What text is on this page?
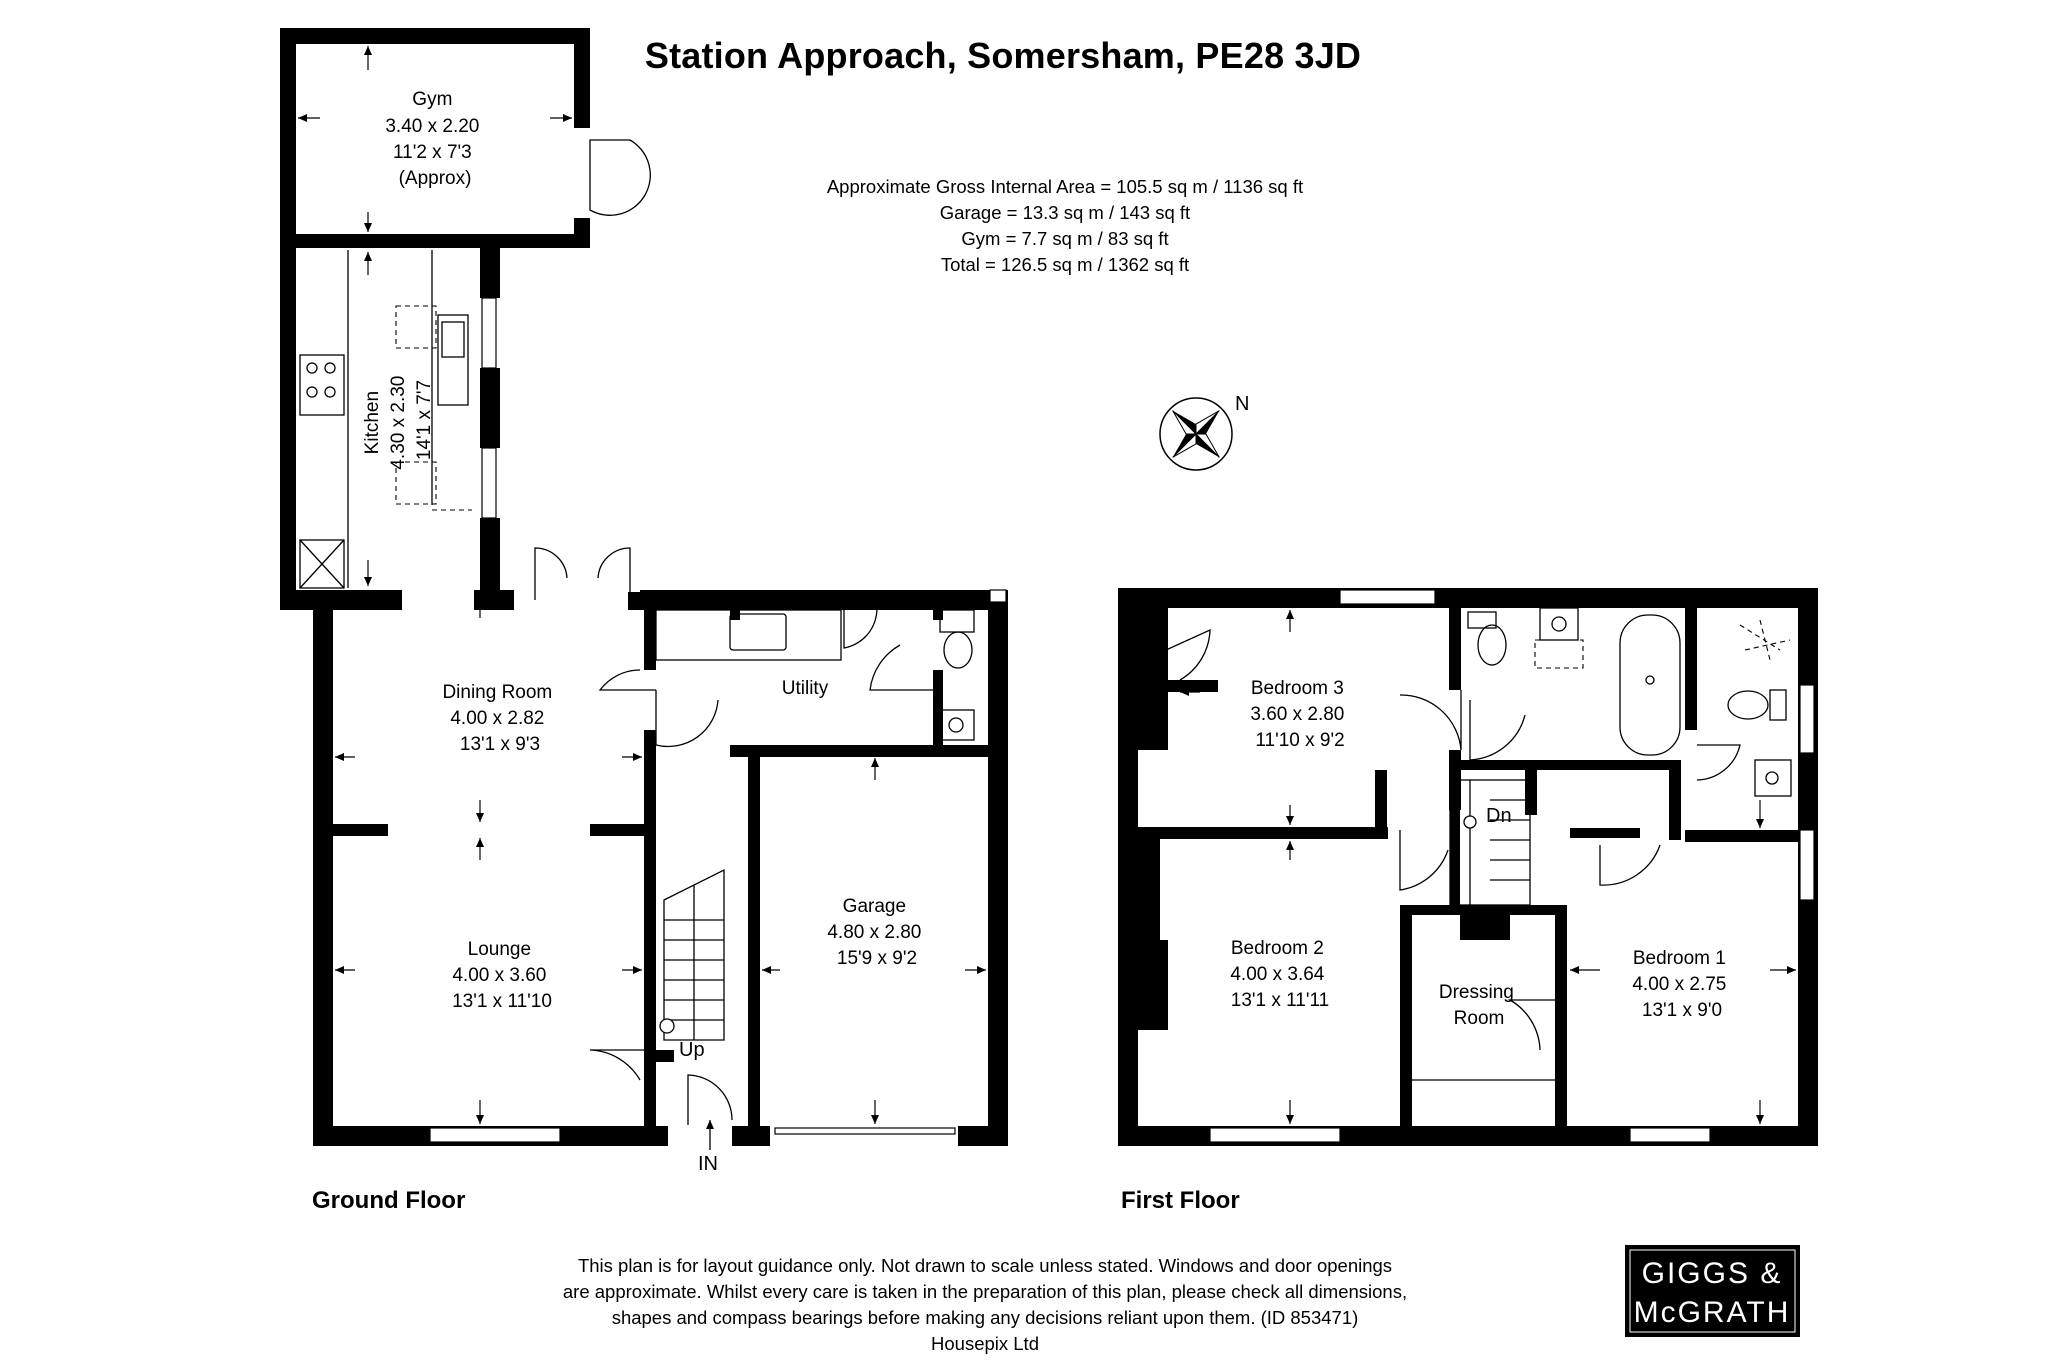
Station Approach, Somersham, PE28 3JD
Approximate Gross Internal Area = 105.5 sq m / 1136 sq ft
Garage = 13.3 sq m / 143 sq ft
Gym = 7.7 sq m / 83 sq ft
Total = 126.5 sq m / 1362 sq ft
N
Up
IN
Dn
Gym 3.40 x 2.20 11'2 x 7'3 (Approx)
Kitchen 4.30 x 2.30 14'1 x 7'7
Dining Room 4.00 x 2.82 13'1 x 9'3
Utility
Lounge 4.00 x 3.60 13'1 x 11'10
Garage 4.80 x 2.80 15'9 x 9'2
Bedroom 3 3.60 x 2.80 11'10 x 9'2
Bedroom 2 4.00 x 3.64 13'1 x 11'11	Dressing Room
Bedroom 1 4.00 x 2.75 13'1 x 9'0
Ground Floor	First Floor
This plan is for layout guidance only. Not drawn to scale unless stated. Windows and door openings
are approximate. Whilst every care is taken in the preparation of this plan, please check all dimensions,
shapes and compass bearings before making any decisions reliant upon them. (ID 853471)
Housepix Ltd
GIGGS &
McGRATH
